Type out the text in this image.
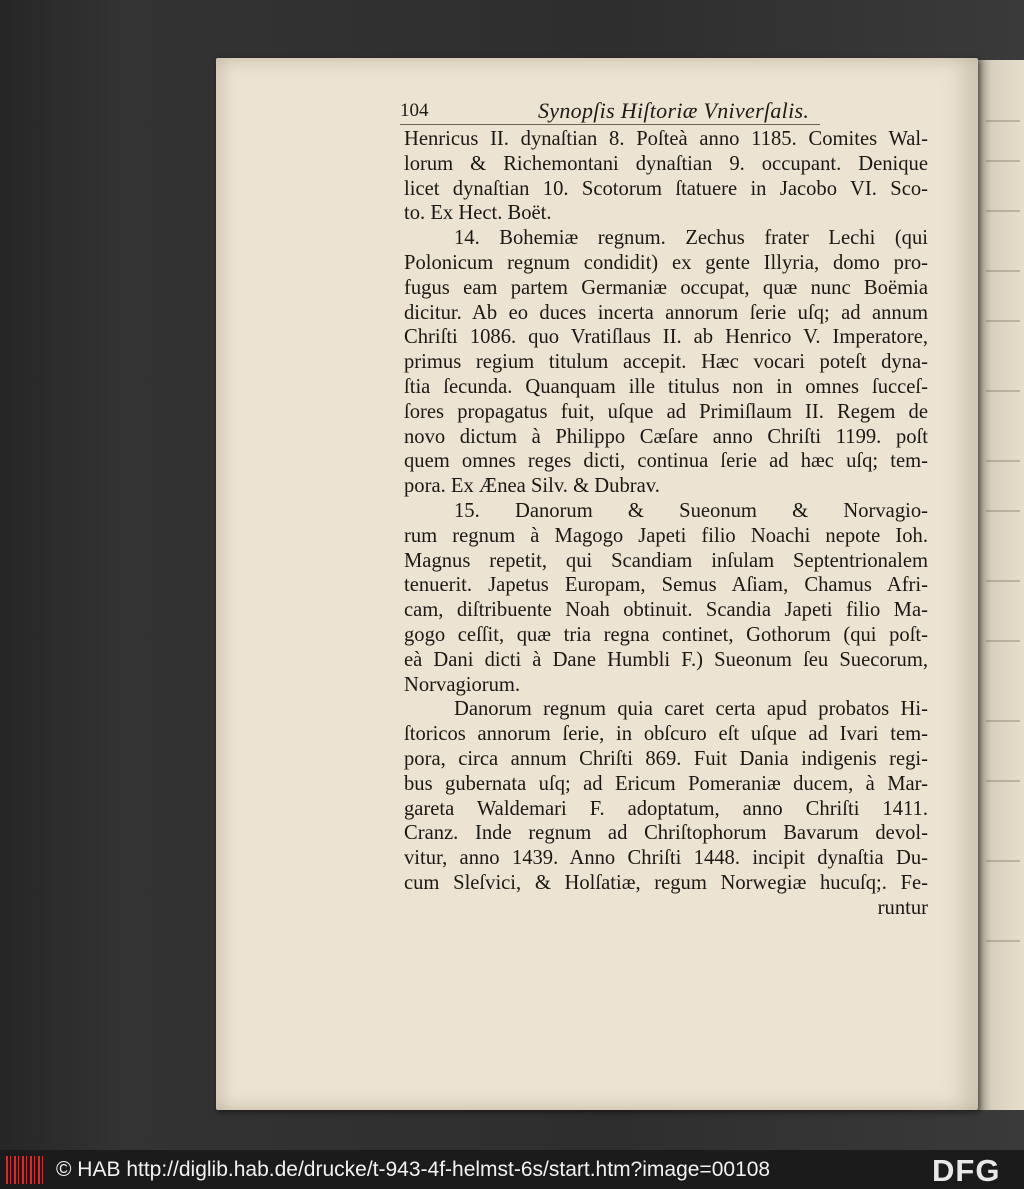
104	Synopſis Hiſtoriæ Vniverſalis.
Henricus II. dynaſtian 8. Poſteà anno 1185. Comites Wal-
lorum & Richemontani dynaſtian 9. occupant. Denique
licet dynaſtian 10. Scotorum ſtatuere in Jacobo VI. Sco-
to. Ex Hect. Boët.
14. Bohemiæ regnum. Zechus frater Lechi (qui
Polonicum regnum condidit) ex gente Illyria, domo pro-
fugus eam partem Germaniæ occupat, quæ nunc Boëmia
dicitur. Ab eo duces incerta annorum ſerie uſq; ad annum
Chriſti 1086. quo Vratiſlaus II. ab Henrico V. Imperatore,
primus regium titulum accepit. Hæc vocari poteſt dyna-
ſtia ſecunda. Quanquam ille titulus non in omnes ſucceſ-
ſores propagatus fuit, uſque ad Primiſlaum II. Regem de
novo dictum à Philippo Cæſare anno Chriſti 1199. poſt
quem omnes reges dicti, continua ſerie ad hæc uſq; tem-
pora. Ex Ænea Silv. & Dubrav.
15. Danorum & Sueonum & Norvagio-
rum regnum à Magogo Japeti filio Noachi nepote Ioh.
Magnus repetit, qui Scandiam inſulam Septentrionalem
tenuerit. Japetus Europam, Semus Aſiam, Chamus Afri-
cam, diſtribuente Noah obtinuit. Scandia Japeti filio Ma-
gogo ceſſit, quæ tria regna continet, Gothorum (qui poſt-
eà Dani dicti à Dane Humbli F.) Sueonum ſeu Suecorum,
Norvagiorum.
Danorum regnum quia caret certa apud probatos Hi-
ſtoricos annorum ſerie, in obſcuro eſt uſque ad Ivari tem-
pora, circa annum Chriſti 869. Fuit Dania indigenis regi-
bus gubernata uſq; ad Ericum Pomeraniæ ducem, à Mar-
gareta Waldemari F. adoptatum, anno Chriſti 1411.
Cranz. Inde regnum ad Chriſtophorum Bavarum devol-
vitur, anno 1439. Anno Chriſti 1448. incipit dynaſtia Du-
cum Sleſvici, & Holſatiæ, regum Norwegiæ hucuſq;. Fe-
runtur
© HAB http://diglib.hab.de/drucke/t-943-4f-helmst-6s/start.htm?image=00108	DFG
